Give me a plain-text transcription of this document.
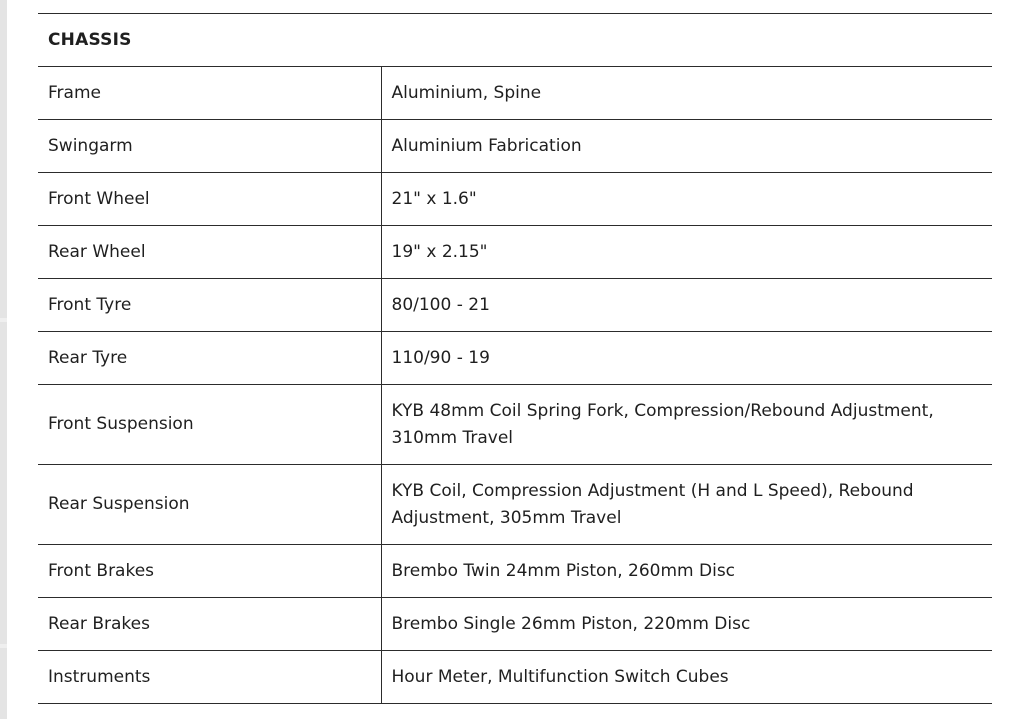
CHASSIS	
Frame	Aluminium, Spine
Swingarm	Aluminium Fabrication
Front Wheel	21" x 1.6"
Rear Wheel	19" x 2.15"
Front Tyre	80/100 - 21
Rear Tyre	110/90 - 19
Front Suspension	KYB 48mm Coil Spring Fork, Compression/Rebound Adjustment, 310mm Travel
Rear Suspension	KYB Coil, Compression Adjustment (H and L Speed), Rebound Adjustment, 305mm Travel
Front Brakes	Brembo Twin 24mm Piston, 260mm Disc
Rear Brakes	Brembo Single 26mm Piston, 220mm Disc
Instruments	Hour Meter, Multifunction Switch Cubes
